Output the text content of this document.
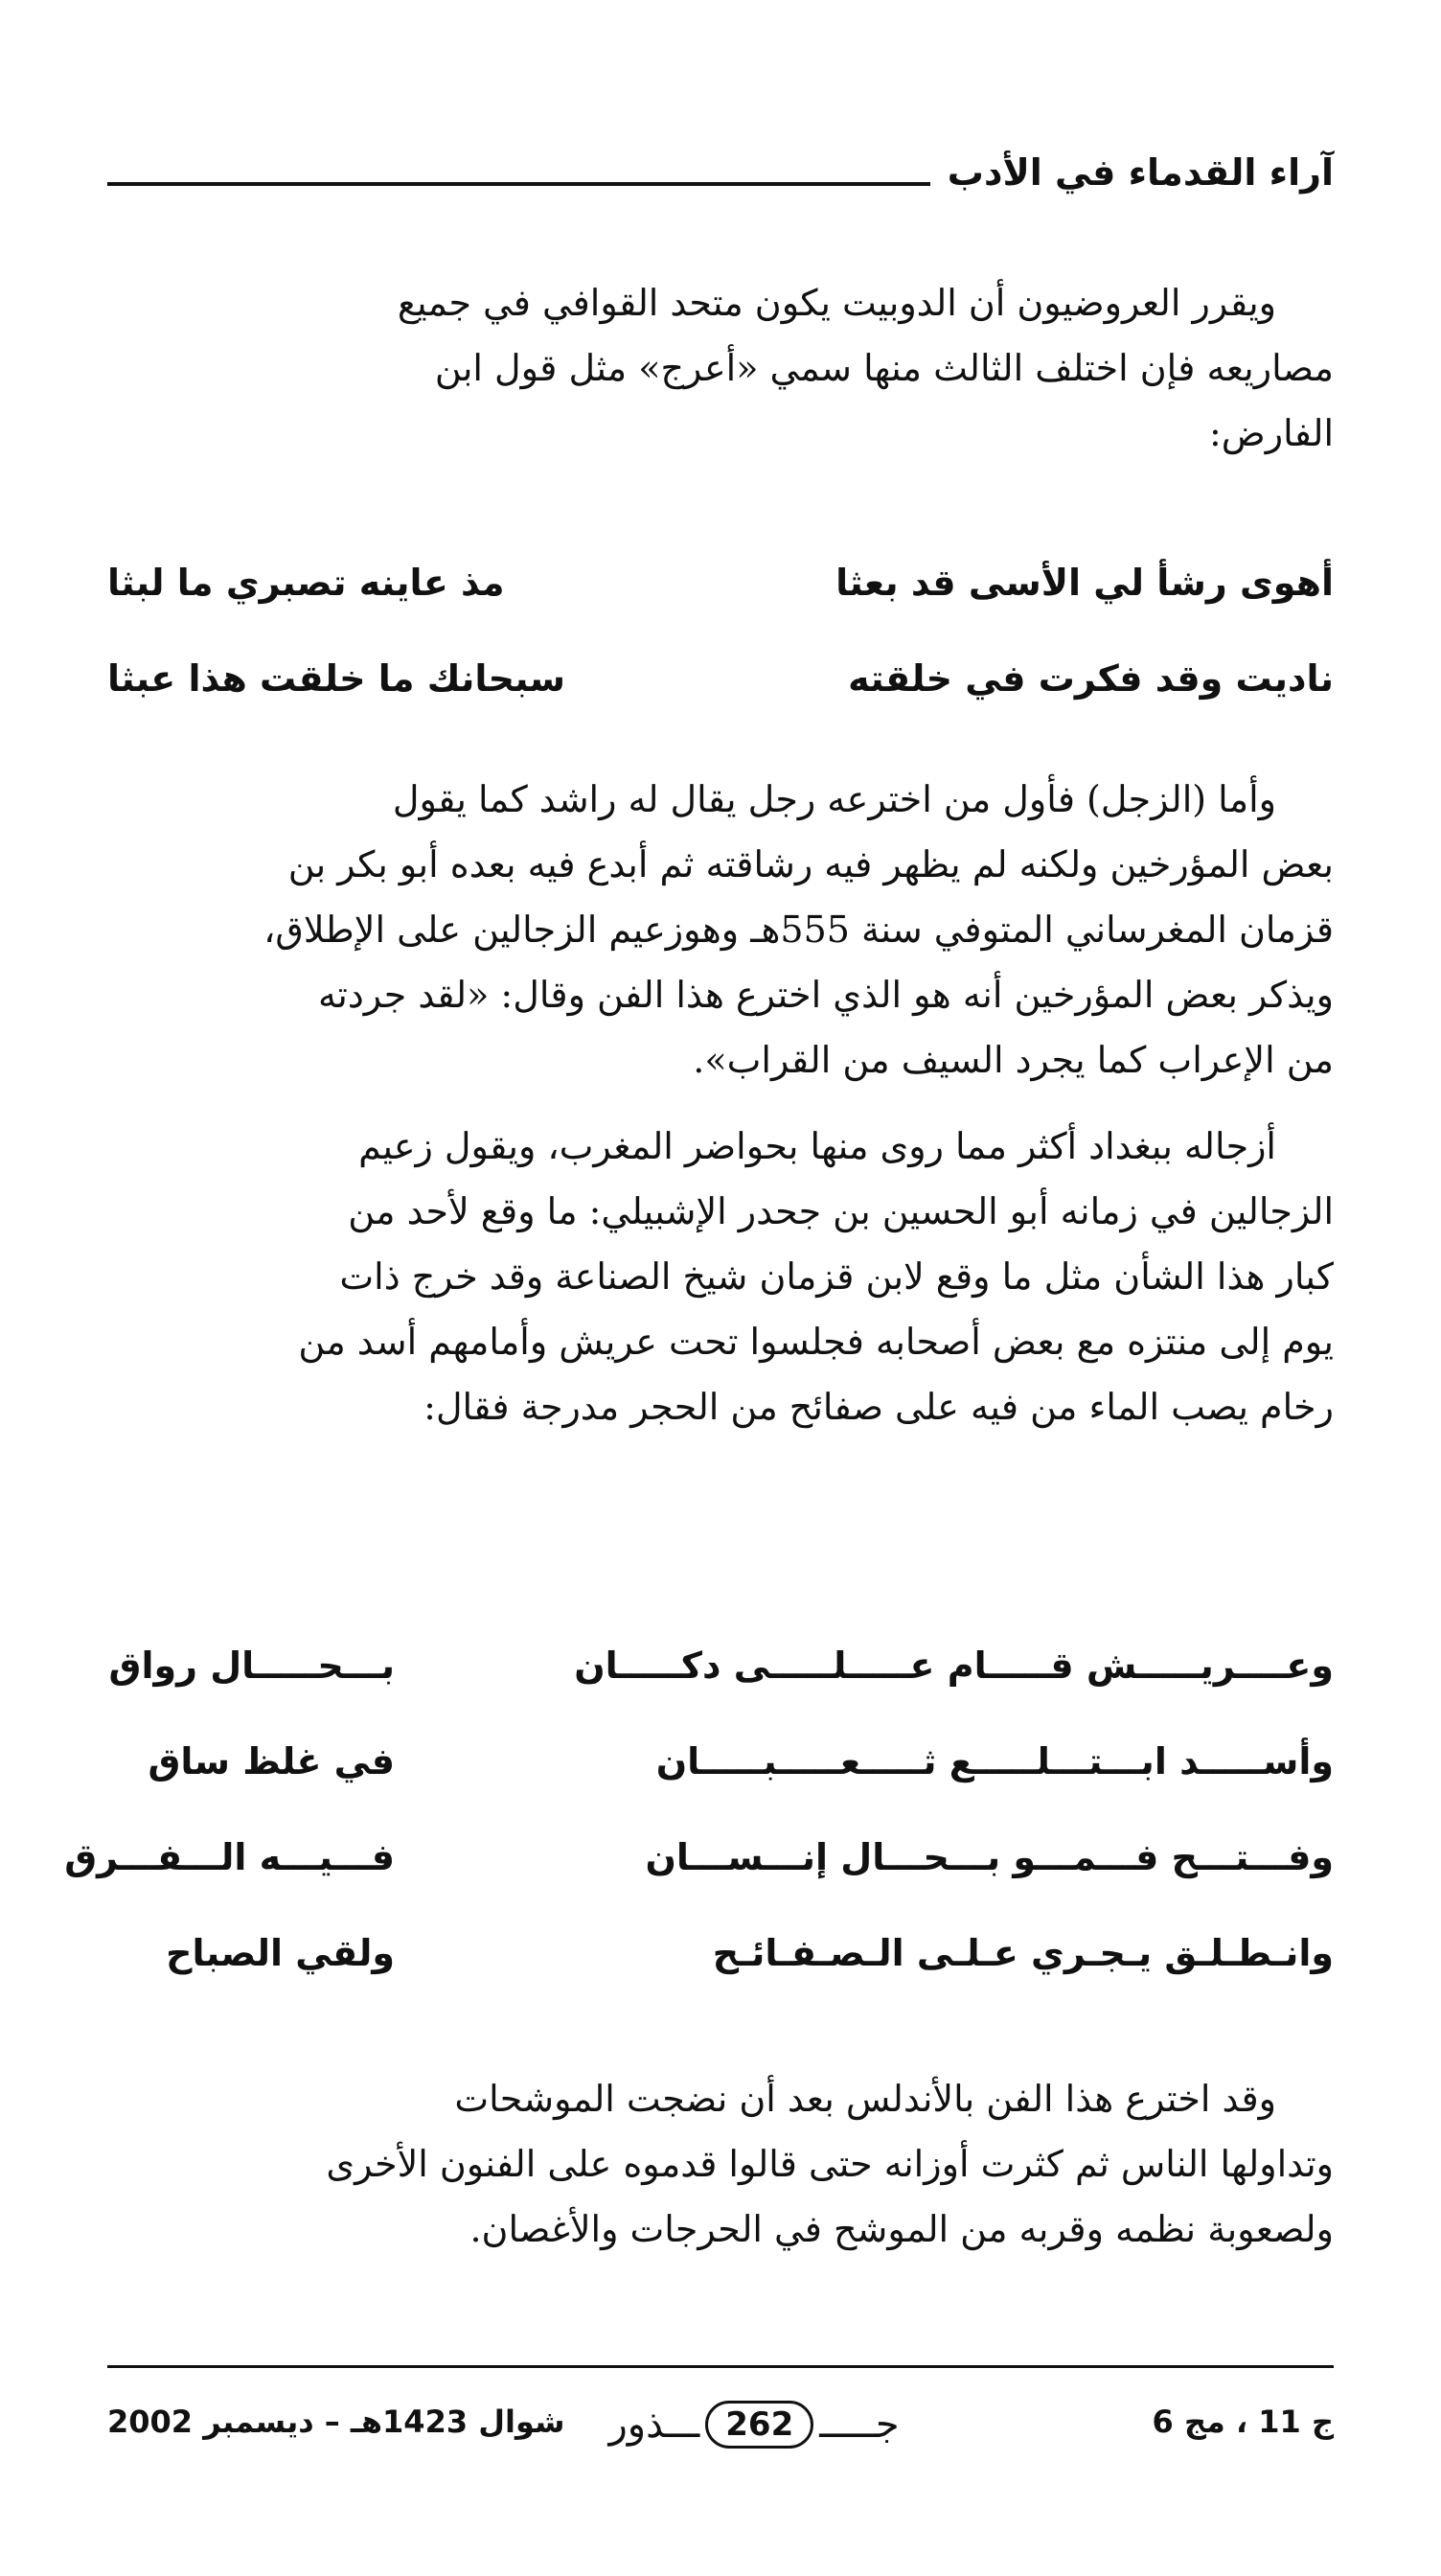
آراء القدماء في الأدب

ويقرر العروضيون أن الدوبيت يكون متحد القوافي في جميع
مصاريعه فإن اختلف الثالث منها سمي «أعرج» مثل قول ابن
الفارض:

أهوى رشأ لي الأسى قد بعثا
مذ عاينه تصبري ما لبثا
ناديت وقد فكرت في خلقته
سبحانك ما خلقت هذا عبثا

وأما (الزجل) فأول من اخترعه رجل يقال له راشد كما يقول
بعض المؤرخين ولكنه لم يظهر فيه رشاقته ثم أبدع فيه بعده أبو بكر بن
قزمان المغرساني المتوفي سنة 555هـ وهوزعيم الزجالين على الإطلاق،
ويذكر بعض المؤرخين أنه هو الذي اخترع هذا الفن وقال: «لقد جردته
من الإعراب كما يجرد السيف من القراب».

أزجاله ببغداد أكثر مما روى منها بحواضر المغرب، ويقول زعيم
الزجالين في زمانه أبو الحسين بن جحدر الإشبيلي: ما وقع لأحد من
كبار هذا الشأن مثل ما وقع لابن قزمان شيخ الصناعة وقد خرج ذات
يوم إلى منتزه مع بعض أصحابه فجلسوا تحت عريش وأمامهم أسد من
رخام يصب الماء من فيه على صفائح من الحجر مدرجة فقال:

وعــــريـــــش قـــــام عـــــلـــــى دكـــــان
بـــحـــــال رواق
وأســـــد ابـــتـــلـــــع ثـــــعـــــبـــــان
في غلظ ساق
وفـــتـــح فـــمـــو بـــحـــال إنـــســـان
فـــيـــه الـــفـــرق
وانـطـلـق يـجـري عـلـى الـصـفـائـح
ولقي الصباح

وقد اخترع هذا الفن بالأندلس بعد أن نضجت الموشحات
وتداولها الناس ثم كثرت أوزانه حتى قالوا قدموه على الفنون الأخرى
ولصعوبة نظمه وقربه من الموشح في الحرجات والأغصان.

ج 11 ، مج 6
جـــــ
262
ـــذور
شوال 1423هـ – ديسمبر 2002
